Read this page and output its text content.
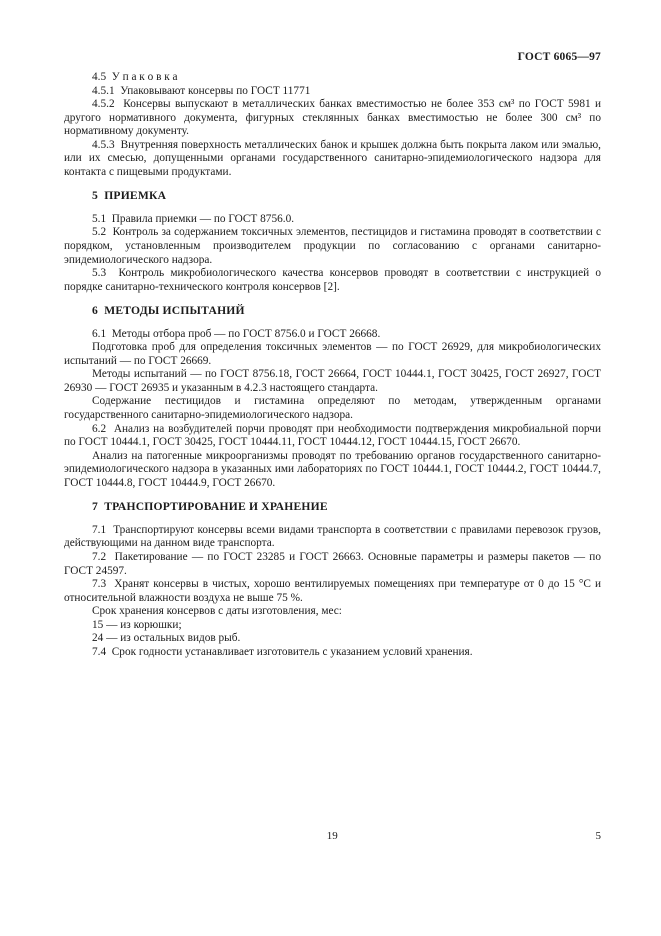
ГОСТ 6065—97

4.5  У п а к о в к а

4.5.1  Упаковывают консервы по ГОСТ 11771

4.5.2  Консервы выпускают в металлических банках вместимостью не более 353 см³ по ГОСТ 5981 и другого нормативного документа, фигурных стеклянных банках вместимостью не более 300 см³ по нормативному документу.

4.5.3  Внутренняя поверхность металлических банок и крышек должна быть покрыта лаком или эмалью, или их смесью, допущенными органами государственного санитарно-эпидемиологического надзора для контакта с пищевыми продуктами.

5  ПРИЕМКА

5.1  Правила приемки — по ГОСТ 8756.0.

5.2  Контроль за содержанием токсичных элементов, пестицидов и гистамина проводят в соответствии с порядком, установленным производителем продукции по согласованию с органами санитарно-эпидемиологического надзора.

5.3  Контроль микробиологического качества консервов проводят в соответствии с инструкцией о порядке санитарно-технического контроля консервов [2].

6  МЕТОДЫ ИСПЫТАНИЙ

6.1  Методы отбора проб — по ГОСТ 8756.0 и ГОСТ 26668.

Подготовка проб для определения токсичных элементов — по ГОСТ 26929, для микробиологических испытаний — по ГОСТ 26669.

Методы испытаний — по ГОСТ 8756.18, ГОСТ 26664, ГОСТ 10444.1, ГОСТ 30425, ГОСТ 26927, ГОСТ 26930 — ГОСТ 26935 и указанным в 4.2.3 настоящего стандарта.

Содержание пестицидов и гистамина определяют по методам, утвержденным органами государственного санитарно-эпидемиологического надзора.

6.2  Анализ на возбудителей порчи проводят при необходимости подтверждения микробиальной порчи по ГОСТ 10444.1, ГОСТ 30425, ГОСТ 10444.11, ГОСТ 10444.12, ГОСТ 10444.15, ГОСТ 26670.

Анализ на патогенные микроорганизмы проводят по требованию органов государственного санитарно-эпидемиологического надзора в указанных ими лабораториях по ГОСТ 10444.1, ГОСТ 10444.2, ГОСТ 10444.7, ГОСТ 10444.8, ГОСТ 10444.9, ГОСТ 26670.

7  ТРАНСПОРТИРОВАНИЕ И ХРАНЕНИЕ

7.1  Транспортируют консервы всеми видами транспорта в соответствии с правилами перевозок грузов, действующими на данном виде транспорта.

7.2  Пакетирование — по ГОСТ 23285 и ГОСТ 26663. Основные параметры и размеры пакетов — по ГОСТ 24597.

7.3  Хранят консервы в чистых, хорошо вентилируемых помещениях при температуре от 0 до 15 °С и относительной влажности воздуха не выше 75 %.

Срок хранения консервов с даты изготовления, мес:

15 — из корюшки;

24 — из остальных видов рыб.

7.4  Срок годности устанавливает изготовитель с указанием условий хранения.

19	5
